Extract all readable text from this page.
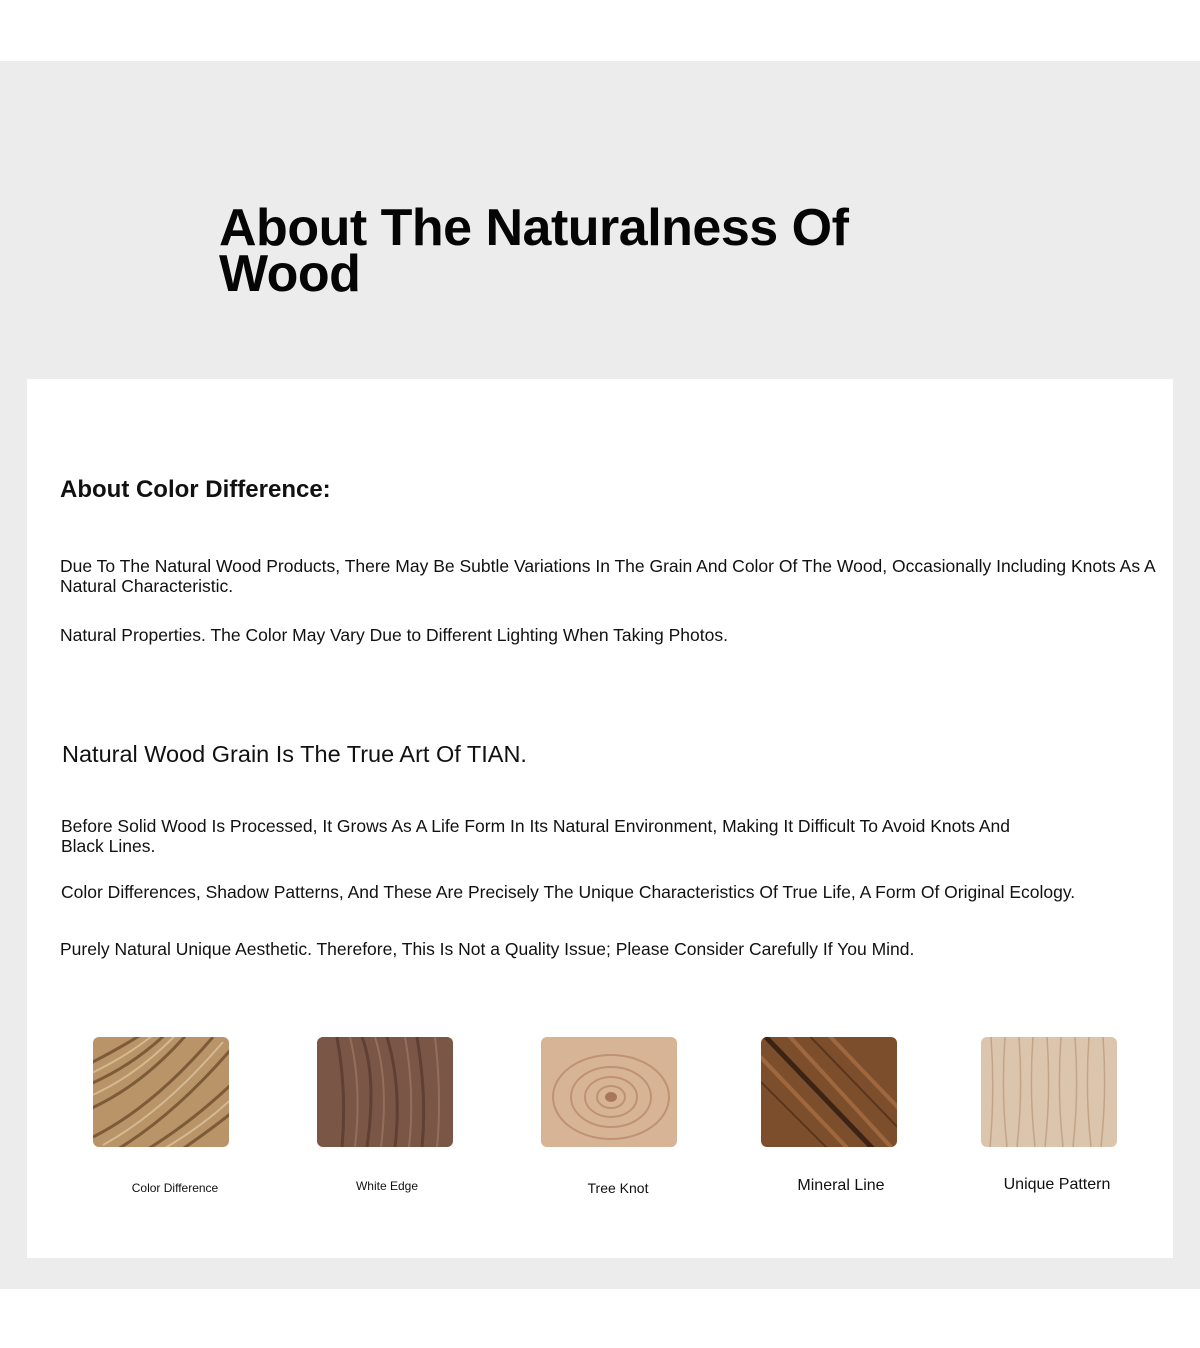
About The Naturalness Of Wood
About Color Difference:

Due To The Natural Wood Products, There May Be Subtle Variations In The Grain And Color Of The Wood, Occasionally Including Knots As A Natural Characteristic.

Natural Properties. The Color May Vary Due to Different Lighting When Taking Photos.

Natural Wood Grain Is The True Art Of TIAN.

Before Solid Wood Is Processed, It Grows As A Life Form In Its Natural Environment, Making It Difficult To Avoid Knots And Black Lines.

Color Differences, Shadow Patterns, And These Are Precisely The Unique Characteristics Of True Life, A Form Of Original Ecology.

Purely Natural Unique Aesthetic. Therefore, This Is Not a Quality Issue; Please Consider Carefully If You Mind.

Color Difference	White Edge	Tree Knot	Mineral Line	Unique Pattern
